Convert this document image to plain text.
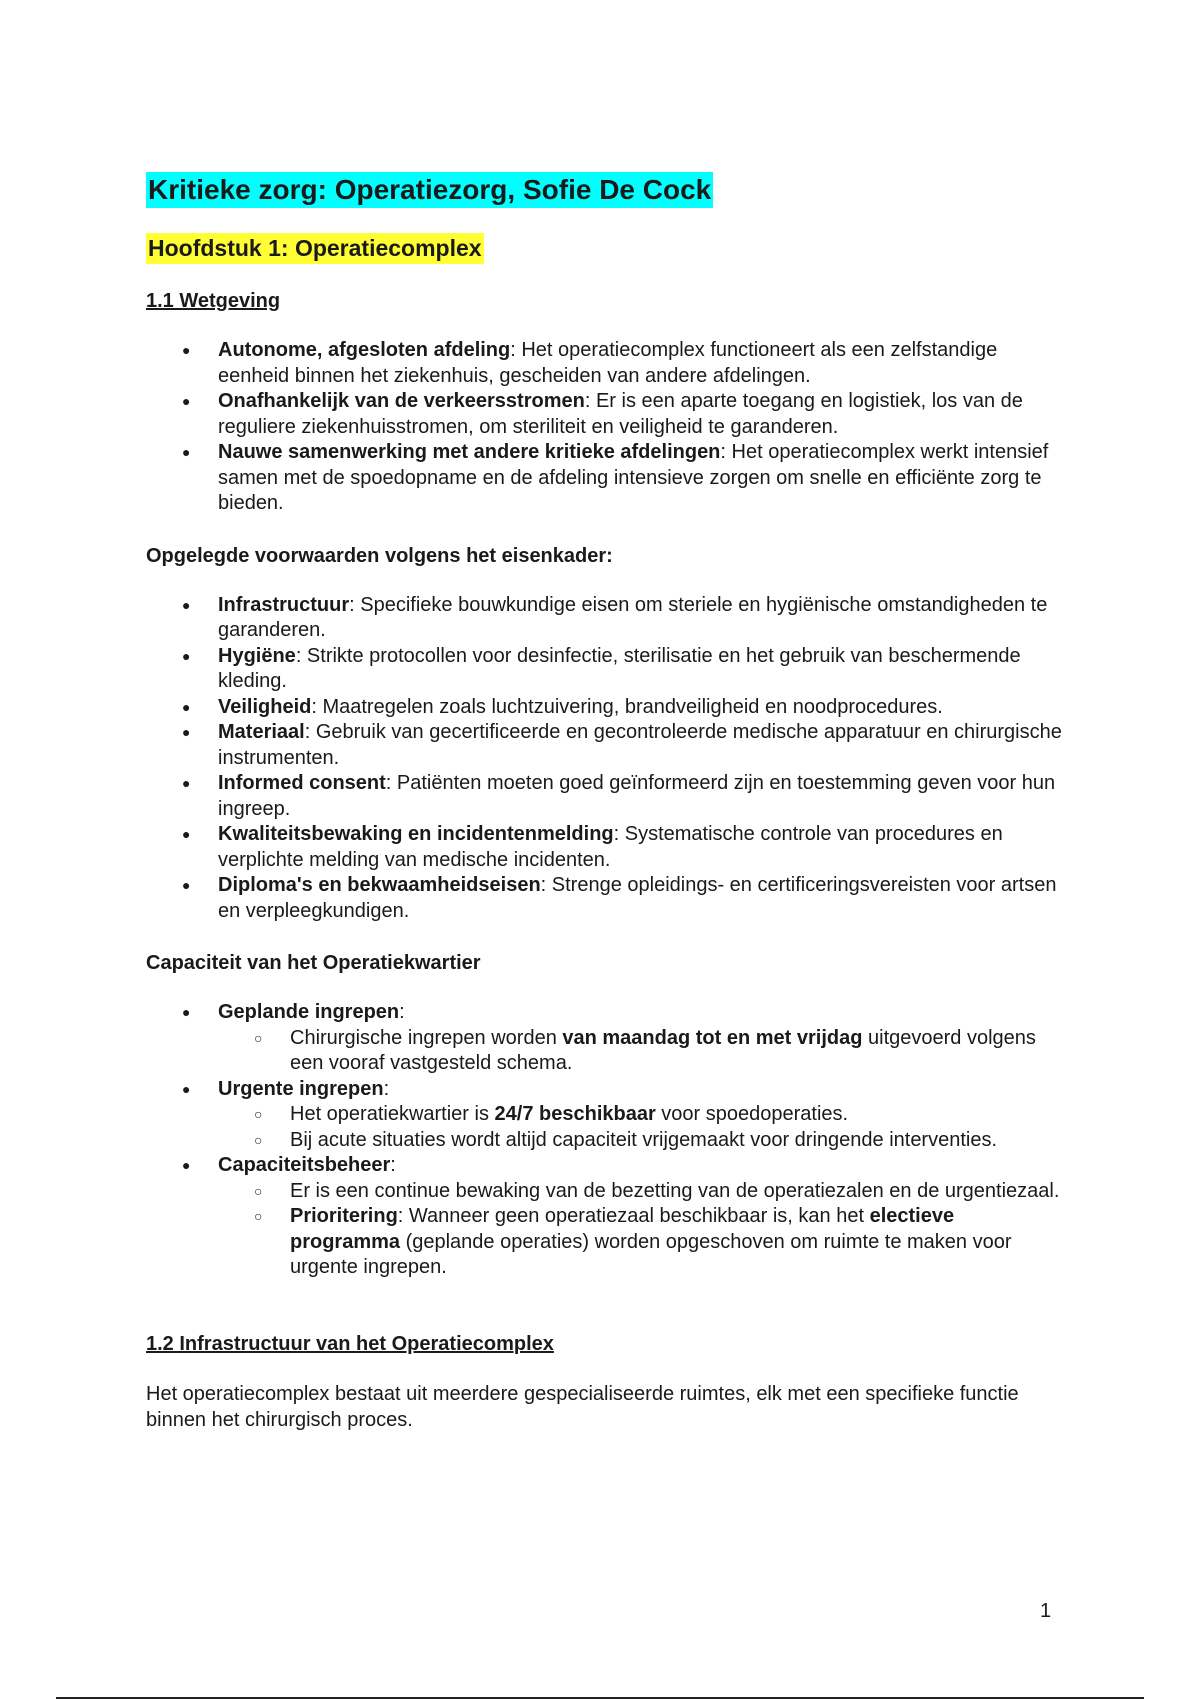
Kritieke zorg: Operatiezorg, Sofie De Cock
Hoofdstuk 1: Operatiecomplex
1.1 Wetgeving
● Autonome, afgesloten afdeling: Het operatiecomplex functioneert als een zelfstandige eenheid binnen het ziekenhuis, gescheiden van andere afdelingen.
● Onafhankelijk van de verkeersstromen: Er is een aparte toegang en logistiek, los van de reguliere ziekenhuisstromen, om steriliteit en veiligheid te garanderen.
● Nauwe samenwerking met andere kritieke afdelingen: Het operatiecomplex werkt intensief samen met de spoedopname en de afdeling intensieve zorgen om snelle en efficiënte zorg te bieden.
Opgelegde voorwaarden volgens het eisenkader:
● Infrastructuur: Specifieke bouwkundige eisen om steriele en hygiënische omstandigheden te garanderen.
● Hygiëne: Strikte protocollen voor desinfectie, sterilisatie en het gebruik van beschermende kleding.
● Veiligheid: Maatregelen zoals luchtzuivering, brandveiligheid en noodprocedures.
● Materiaal: Gebruik van gecertificeerde en gecontroleerde medische apparatuur en chirurgische instrumenten.
● Informed consent: Patiënten moeten goed geïnformeerd zijn en toestemming geven voor hun ingreep.
● Kwaliteitsbewaking en incidentenmelding: Systematische controle van procedures en verplichte melding van medische incidenten.
● Diploma's en bekwaamheidseisen: Strenge opleidings- en certificeringsvereisten voor artsen en verpleegkundigen.
Capaciteit van het Operatiekwartier
● Geplande ingrepen:
○ Chirurgische ingrepen worden van maandag tot en met vrijdag uitgevoerd volgens een vooraf vastgesteld schema.
● Urgente ingrepen:
○ Het operatiekwartier is 24/7 beschikbaar voor spoedoperaties.
○ Bij acute situaties wordt altijd capaciteit vrijgemaakt voor dringende interventies.
● Capaciteitsbeheer:
○ Er is een continue bewaking van de bezetting van de operatiezalen en de urgentiezaal.
○ Prioritering: Wanneer geen operatiezaal beschikbaar is, kan het electieve programma (geplande operaties) worden opgeschoven om ruimte te maken voor urgente ingrepen.
1.2 Infrastructuur van het Operatiecomplex

Het operatiecomplex bestaat uit meerdere gespecialiseerde ruimtes, elk met een specifieke functie binnen het chirurgisch proces.

1
